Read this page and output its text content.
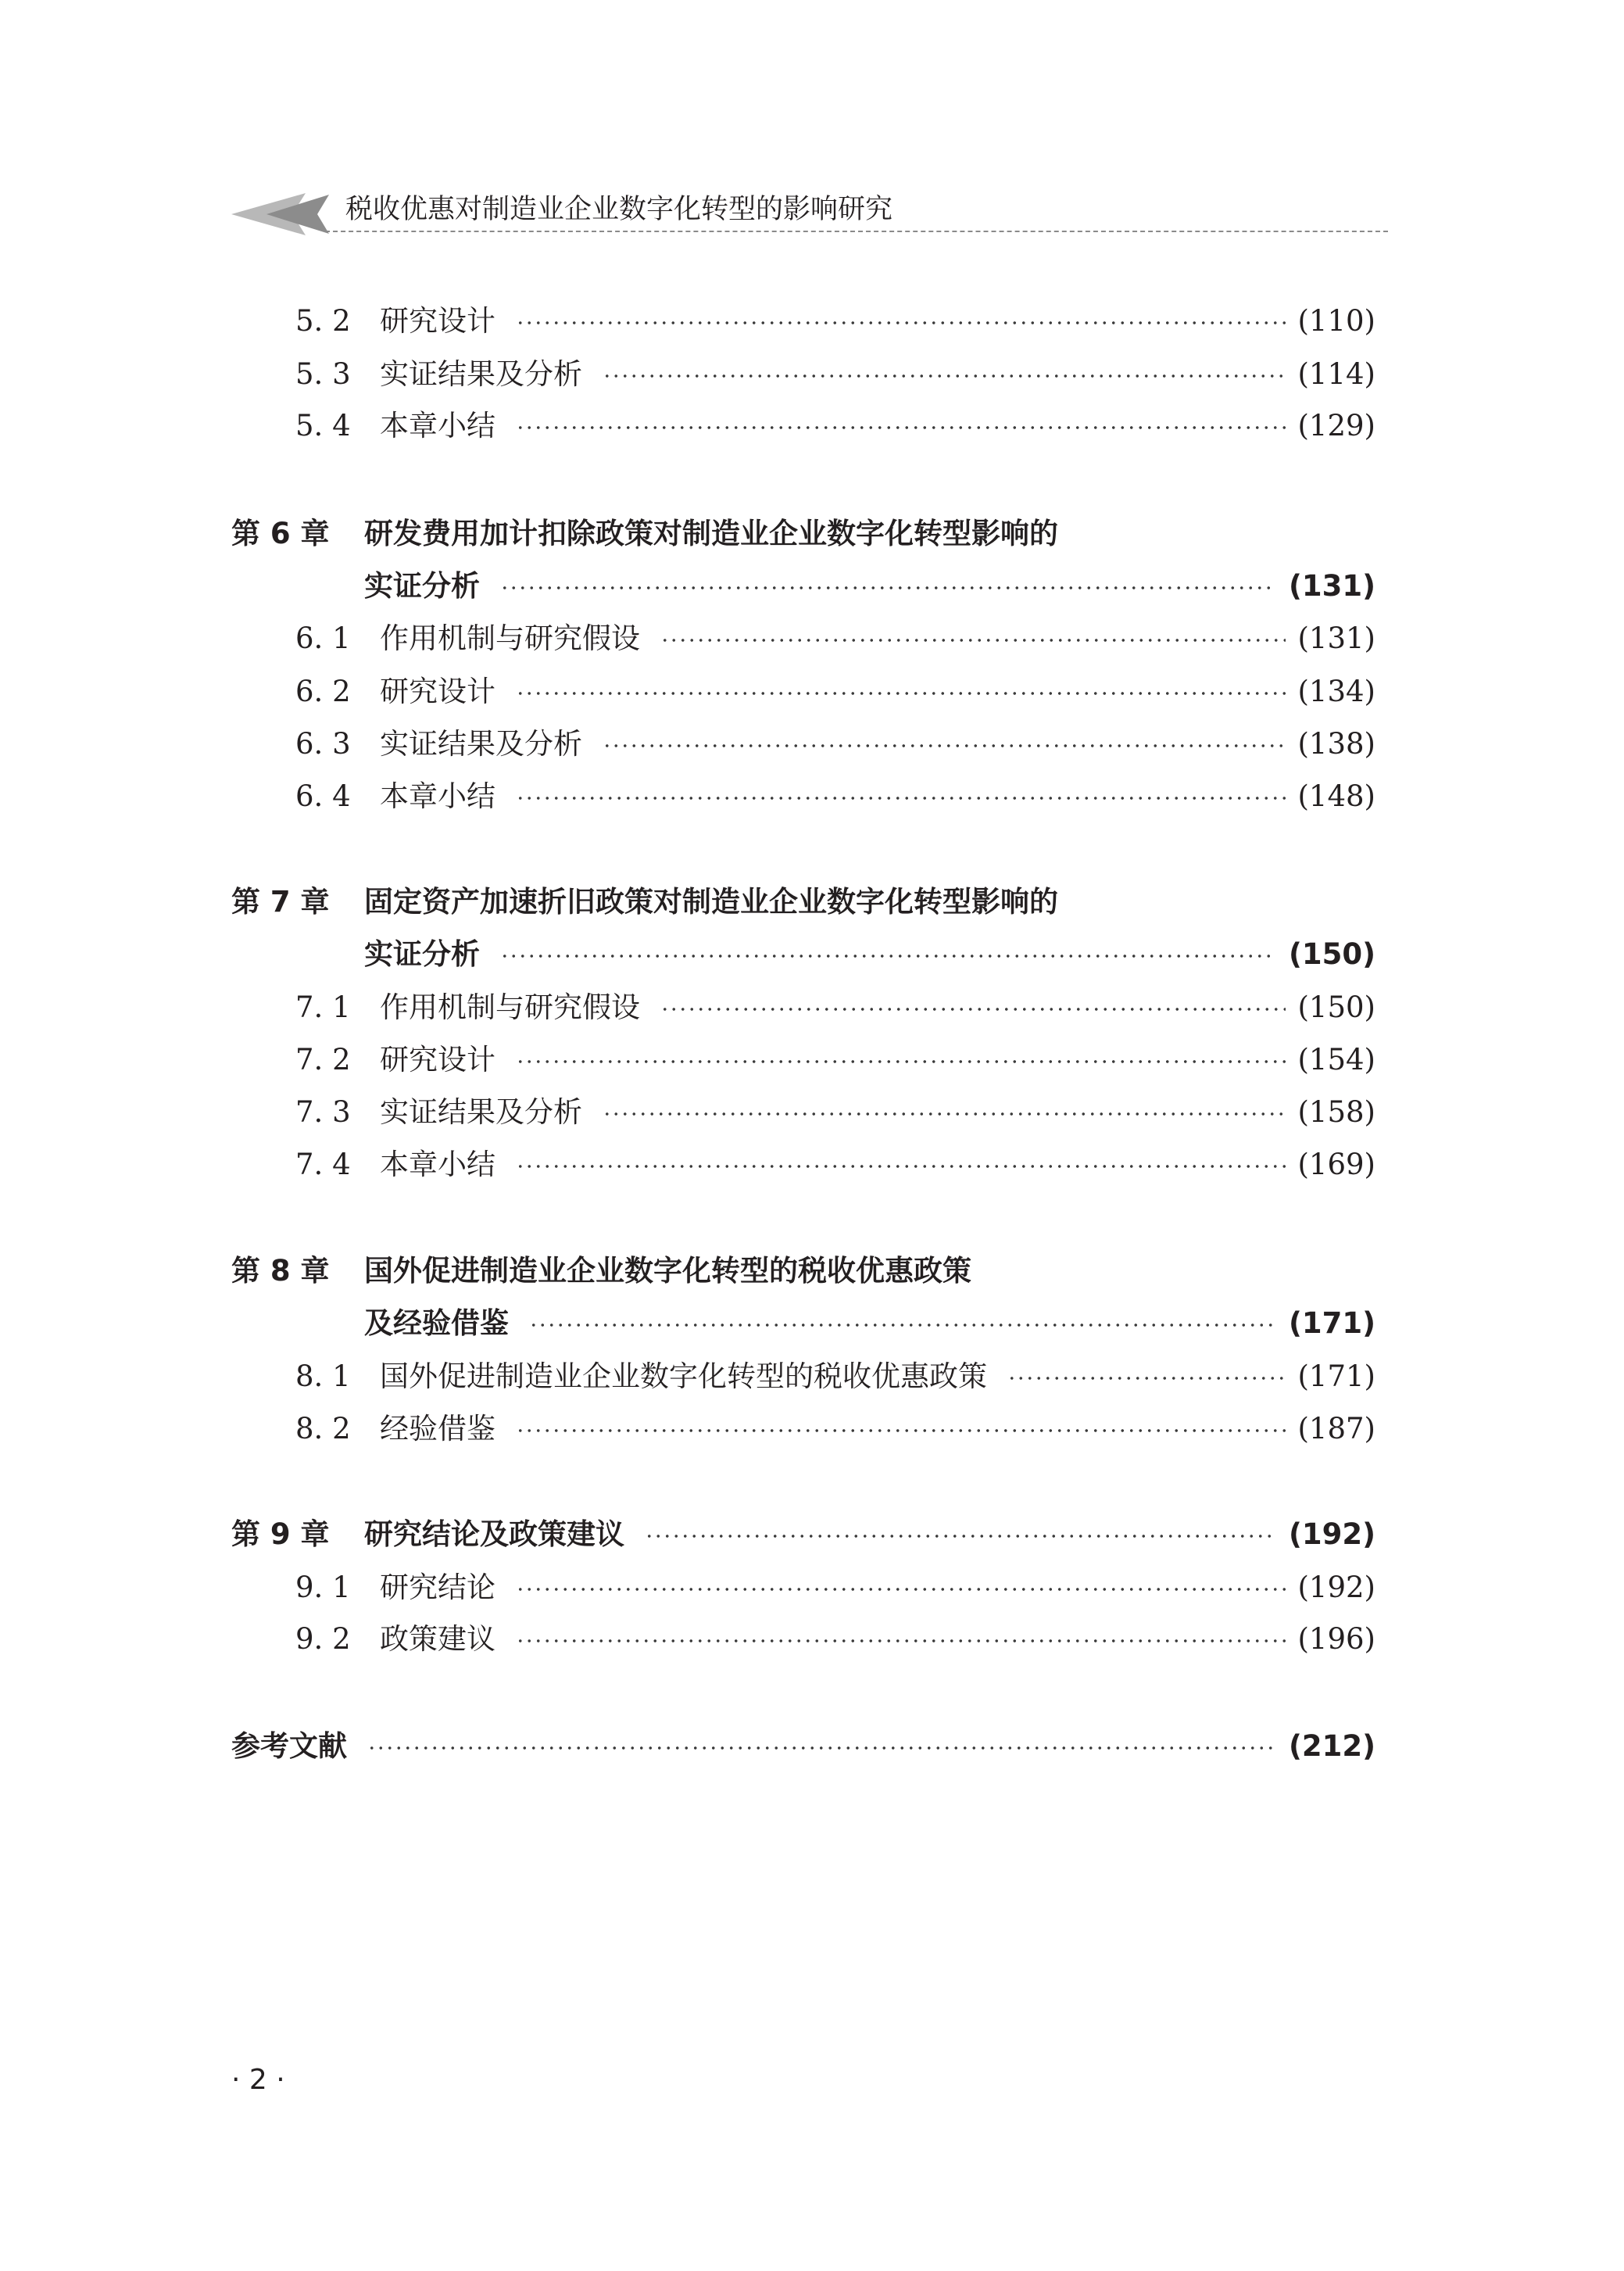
税收优惠对制造业企业数字化转型的影响研究
5. 2 研究设计	(110)
5. 3 实证结果及分析	(114)
5. 4 本章小结	(129)
第 6 章 研发费用加计扣除政策对制造业企业数字化转型影响的
实证分析	(131)
6. 1 作用机制与研究假设	(131)
6. 2 研究设计	(134)
6. 3 实证结果及分析	(138)
6. 4 本章小结	(148)
第 7 章 固定资产加速折旧政策对制造业企业数字化转型影响的
实证分析	(150)
7. 1 作用机制与研究假设	(150)
7. 2 研究设计	(154)
7. 3 实证结果及分析	(158)
7. 4 本章小结	(169)
第 8 章 国外促进制造业企业数字化转型的税收优惠政策
及经验借鉴	(171)
8. 1 国外促进制造业企业数字化转型的税收优惠政策	(171)
8. 2 经验借鉴	(187)
第 9 章 研究结论及政策建议	(192)
9. 1 研究结论	(192)
9. 2 政策建议	(196)
参考文献	(212)
· 2 ·
